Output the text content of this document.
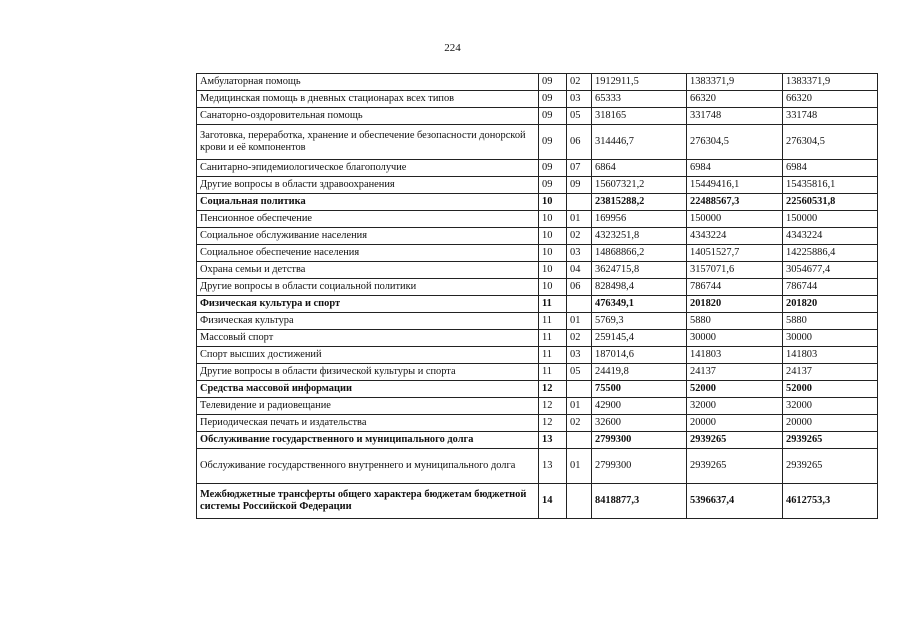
224
Амбулаторная помощь	09	02	1912911,5	1383371,9	1383371,9
Медицинская помощь в дневных стационарах всех типов	09	03	65333	66320	66320
Санаторно-оздоровительная помощь	09	05	318165	331748	331748
Заготовка, переработка, хранение и обеспечение безопасности донорской крови и её компонентов	09	06	314446,7	276304,5	276304,5
Санитарно-эпидемиологическое благополучие	09	07	6864	6984	6984
Другие вопросы в области здравоохранения	09	09	15607321,2	15449416,1	15435816,1
Социальная политика	10		23815288,2	22488567,3	22560531,8
Пенсионное обеспечение	10	01	169956	150000	150000
Социальное обслуживание населения	10	02	4323251,8	4343224	4343224
Социальное обеспечение населения	10	03	14868866,2	14051527,7	14225886,4
Охрана семьи и детства	10	04	3624715,8	3157071,6	3054677,4
Другие вопросы в области социальной политики	10	06	828498,4	786744	786744
Физическая культура и спорт	11		476349,1	201820	201820
Физическая культура	11	01	5769,3	5880	5880
Массовый спорт	11	02	259145,4	30000	30000
Спорт высших достижений	11	03	187014,6	141803	141803
Другие вопросы в области физической культуры и спорта	11	05	24419,8	24137	24137
Средства массовой информации	12		75500	52000	52000
Телевидение и радиовещание	12	01	42900	32000	32000
Периодическая печать и издательства	12	02	32600	20000	20000
Обслуживание государственного и муниципального долга	13		2799300	2939265	2939265
Обслуживание государственного внутреннего и муниципального долга	13	01	2799300	2939265	2939265
Межбюджетные трансферты общего характера бюджетам бюджетной системы Российской Федерации	14		8418877,3	5396637,4	4612753,3
